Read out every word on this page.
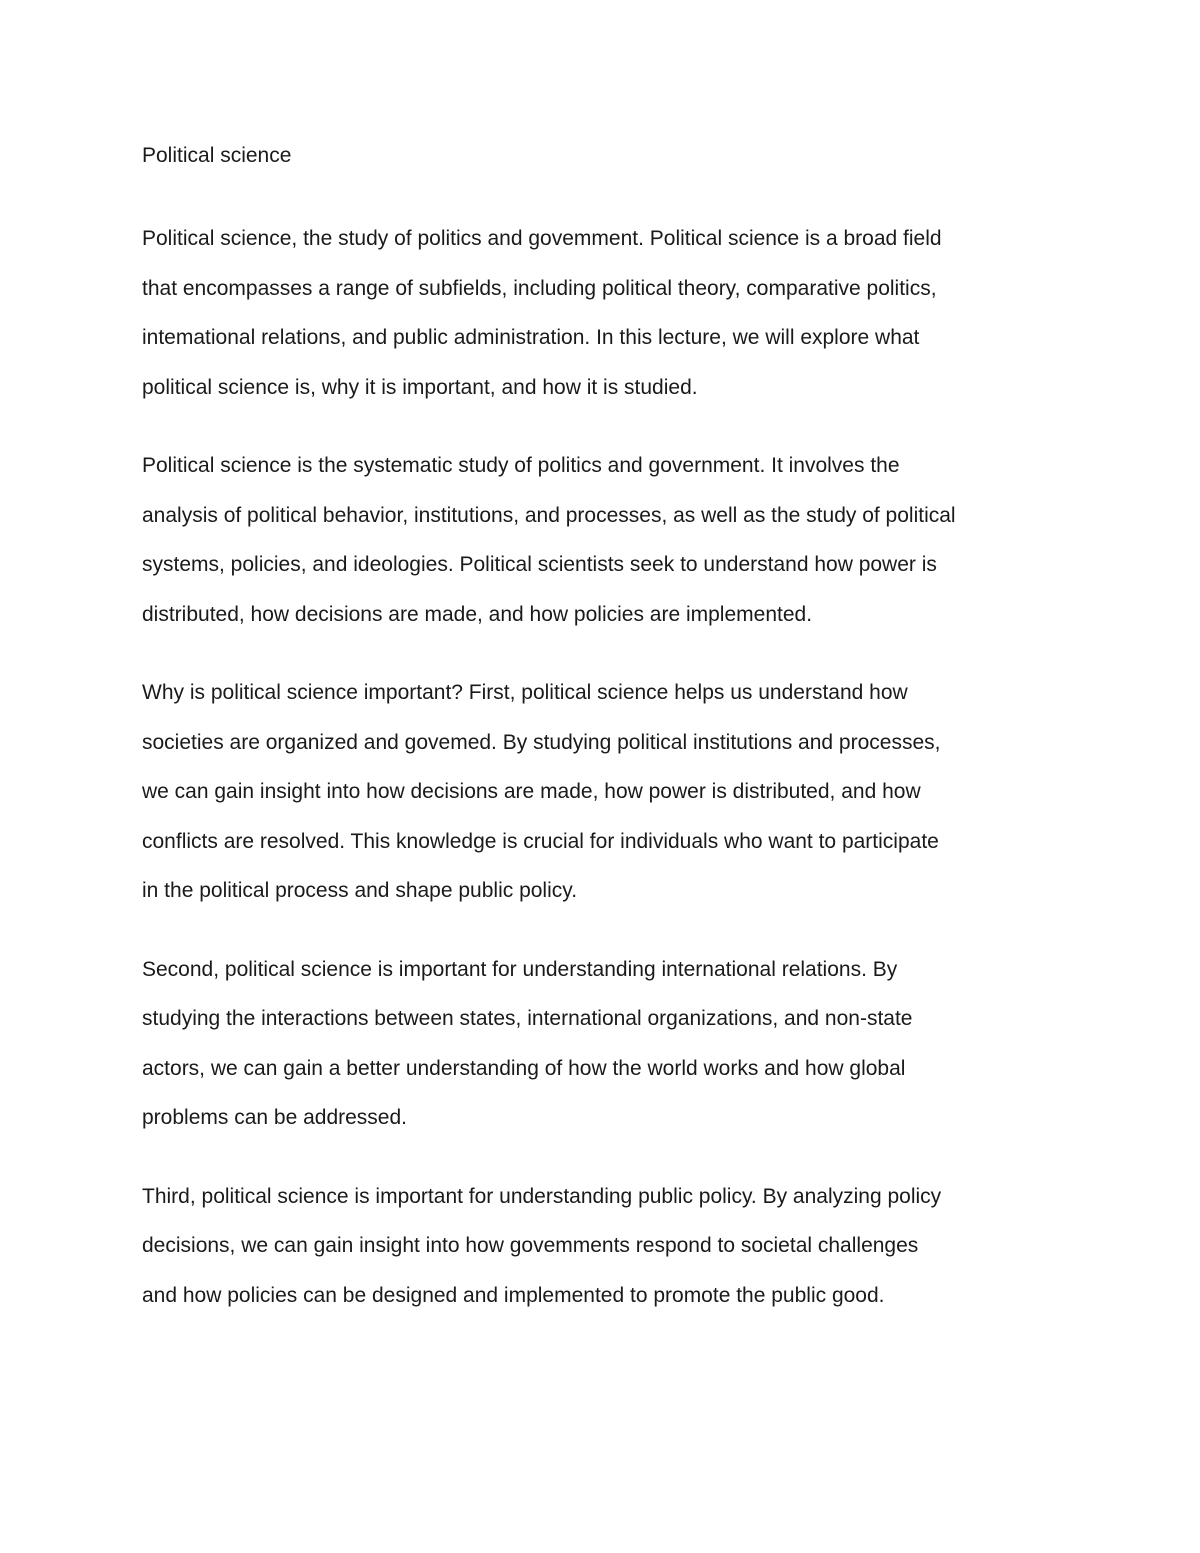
Political science

Political science, the study of politics and govemment. Political science is a broad field
that encompasses a range of subfields, including political theory, comparative politics,
intemational relations, and public administration. In this lecture, we will explore what
political science is, why it is important, and how it is studied.

Political science is the systematic study of politics and government. It involves the
analysis of political behavior, institutions, and processes, as well as the study of political
systems, policies, and ideologies. Political scientists seek to understand how power is
distributed, how decisions are made, and how policies are implemented.

Why is political science important? First, political science helps us understand how
societies are organized and govemed. By studying political institutions and processes,
we can gain insight into how decisions are made, how power is distributed, and how
conflicts are resolved. This knowledge is crucial for individuals who want to participate
in the political process and shape public policy.

Second, political science is important for understanding international relations. By
studying the interactions between states, international organizations, and non-state
actors, we can gain a better understanding of how the world works and how global
problems can be addressed.

Third, political science is important for understanding public policy. By analyzing policy
decisions, we can gain insight into how govemments respond to societal challenges
and how policies can be designed and implemented to promote the public good.
